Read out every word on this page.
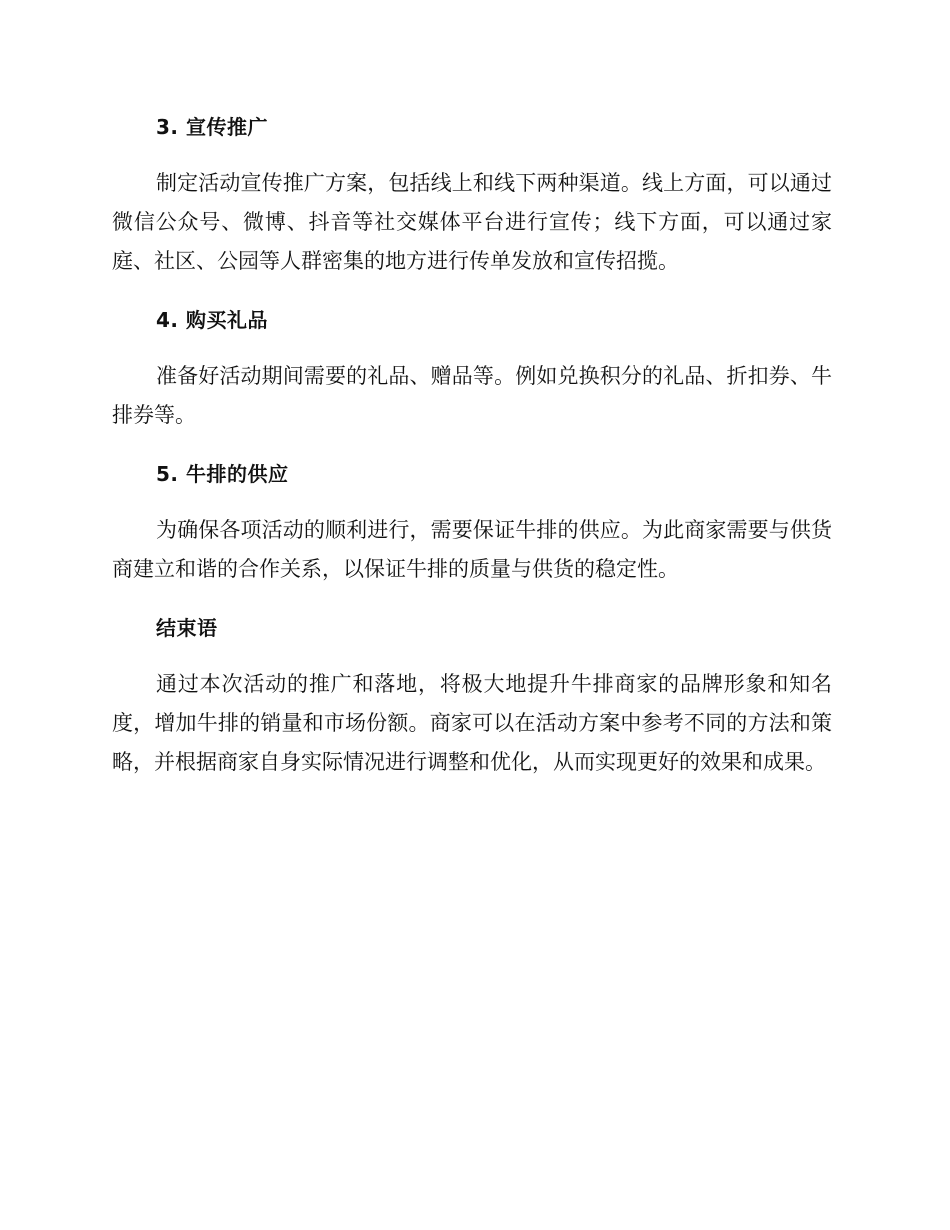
3. 宣传推广

制定活动宣传推广方案，包括线上和线下两种渠道。线上方面，可以通过微信公众号、微博、抖音等社交媒体平台进行宣传；线下方面，可以通过家庭、社区、公园等人群密集的地方进行传单发放和宣传招揽。

4. 购买礼品

准备好活动期间需要的礼品、赠品等。例如兑换积分的礼品、折扣券、牛排券等。

5. 牛排的供应

为确保各项活动的顺利进行，需要保证牛排的供应。为此商家需要与供货商建立和谐的合作关系，以保证牛排的质量与供货的稳定性。

结束语

通过本次活动的推广和落地，将极大地提升牛排商家的品牌形象和知名度，增加牛排的销量和市场份额。商家可以在活动方案中参考不同的方法和策略，并根据商家自身实际情况进行调整和优化，从而实现更好的效果和成果。
